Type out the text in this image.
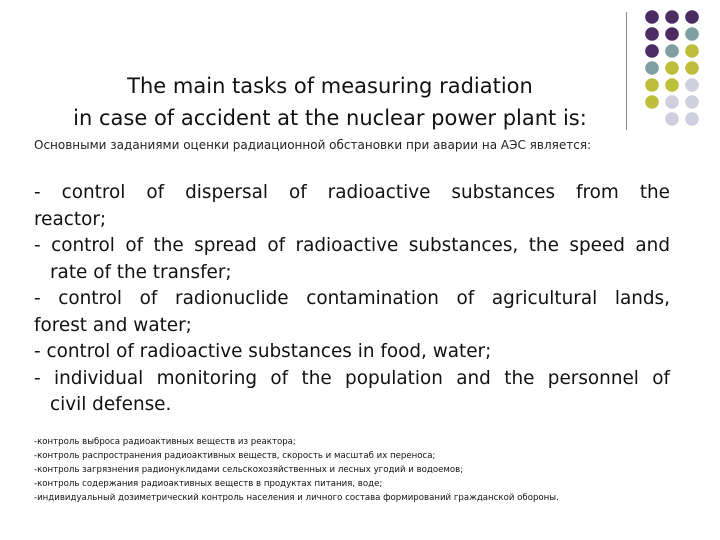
The main tasks of measuring radiation
in case of accident at the nuclear power plant is:
Основными заданиями оценки радиационной обстановки при аварии на АЭС является:
- control of dispersal of radioactive substances from the
reactor;
- control of the spread of radioactive substances, the speed and
rate of the transfer;
- control of radionuclide contamination of agricultural lands,
forest and water;
- control of radioactive substances in food, water;
- individual monitoring of the population and the personnel of
civil defense.
-контроль выброса радиоактивных веществ из реактора;
-контроль распространения радиоактивных веществ, скорость и масштаб их переноса;
-контроль загрязнения радионуклидами сельскохозяйственных и лесных угодий и водоемов;
-контроль содержания радиоактивных веществ в продуктах питания, воде;
-индивидуальный дозиметрический контроль населения и личного состава формирований гражданской обороны.
